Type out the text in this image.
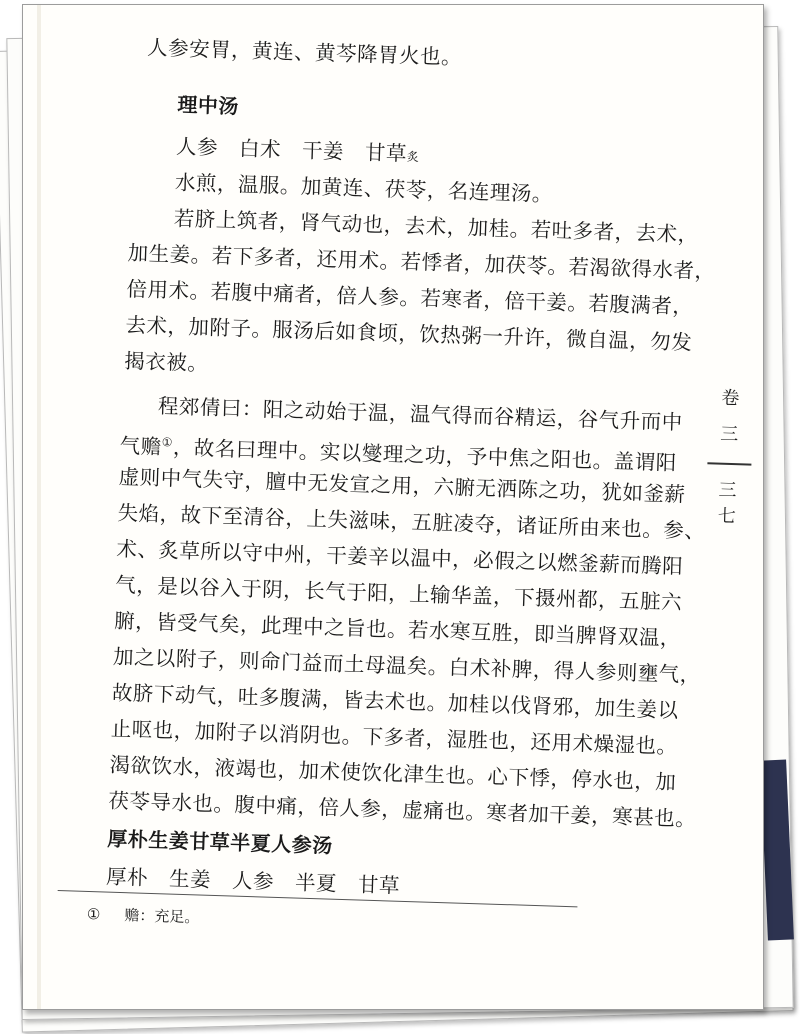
人参安胃，黄连、黄芩降胃火也。
理中汤
人参　白术　干姜　甘草炙
水煎，温服。加黄连、茯苓，名连理汤。
若脐上筑者，肾气动也，去术，加桂。若吐多者，去术，
加生姜。若下多者，还用术。若悸者，加茯苓。若渴欲得水者，
倍用术。若腹中痛者，倍人参。若寒者，倍干姜。若腹满者，
去术，加附子。服汤后如食顷，饮热粥一升许，微自温，勿发
揭衣被。
程郊倩曰：阳之动始于温，温气得而谷精运，谷气升而中
气赡①，故名曰理中。实以燮理之功，予中焦之阳也。盖谓阳
虚则中气失守，膻中无发宣之用，六腑无洒陈之功，犹如釜薪
失焰，故下至清谷，上失滋味，五脏凌夺，诸证所由来也。参、
术、炙草所以守中州，干姜辛以温中，必假之以燃釜薪而腾阳
气，是以谷入于阴，长气于阳，上输华盖，下摄州都，五脏六
腑，皆受气矣，此理中之旨也。若水寒互胜，即当脾肾双温，
加之以附子，则命门益而土母温矣。白术补脾，得人参则壅气，
故脐下动气，吐多腹满，皆去术也。加桂以伐肾邪，加生姜以
止呕也，加附子以消阴也。下多者，湿胜也，还用术燥湿也。
渴欲饮水，液竭也，加术使饮化津生也。心下悸，停水也，加
茯苓导水也。腹中痛，倍人参，虚痛也。寒者加干姜，寒甚也。
厚朴生姜甘草半夏人参汤
厚朴　生姜　人参　半夏　甘草
卷
三
三
七
① 赡：充足。
